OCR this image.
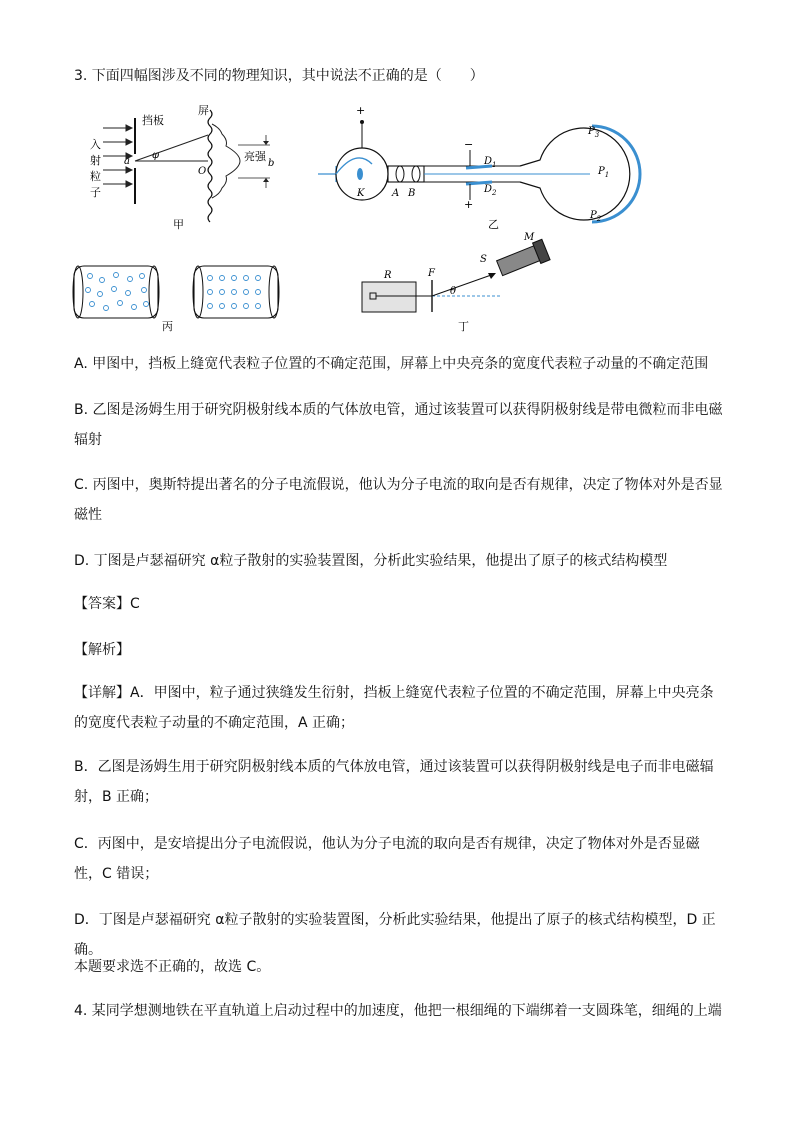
3. 下面四幅图涉及不同的物理知识，其中说法不正确的是（　　）
入
射
粒
子
挡板
a
φ
屏
O
亮强
b
甲
+
K	A B
−
+
$D_1$
$D_2$
$P_3$
$P_1$
$P_2$
乙
丙
R	F
θ
S
M
丁
A. 甲图中，挡板上缝宽代表粒子位置的不确定范围，屏幕上中央亮条的宽度代表粒子动量的不确定范围
B. 乙图是汤姆生用于研究阴极射线本质的气体放电管，通过该装置可以获得阴极射线是带电微粒而非电磁辐射
C. 丙图中，奥斯特提出著名的分子电流假说，他认为分子电流的取向是否有规律，决定了物体对外是否显磁性
D. 丁图是卢瑟福研究 α粒子散射的实验装置图，分析此实验结果，他提出了原子的核式结构模型
【答案】C
【解析】
【详解】A．甲图中，粒子通过狭缝发生衍射，挡板上缝宽代表粒子位置的不确定范围，屏幕上中央亮条的宽度代表粒子动量的不确定范围，A 正确；
B．乙图是汤姆生用于研究阴极射线本质的气体放电管，通过该装置可以获得阴极射线是电子而非电磁辐射，B 正确；
C．丙图中，是安培提出分子电流假说，他认为分子电流的取向是否有规律，决定了物体对外是否显磁性，C 错误；
D．丁图是卢瑟福研究 α粒子散射的实验装置图，分析此实验结果，他提出了原子的核式结构模型，D 正确。
本题要求选不正确的，故选 C。
4. 某同学想测地铁在平直轨道上启动过程中的加速度，他把一根细绳的下端绑着一支圆珠笔，细绳的上端
